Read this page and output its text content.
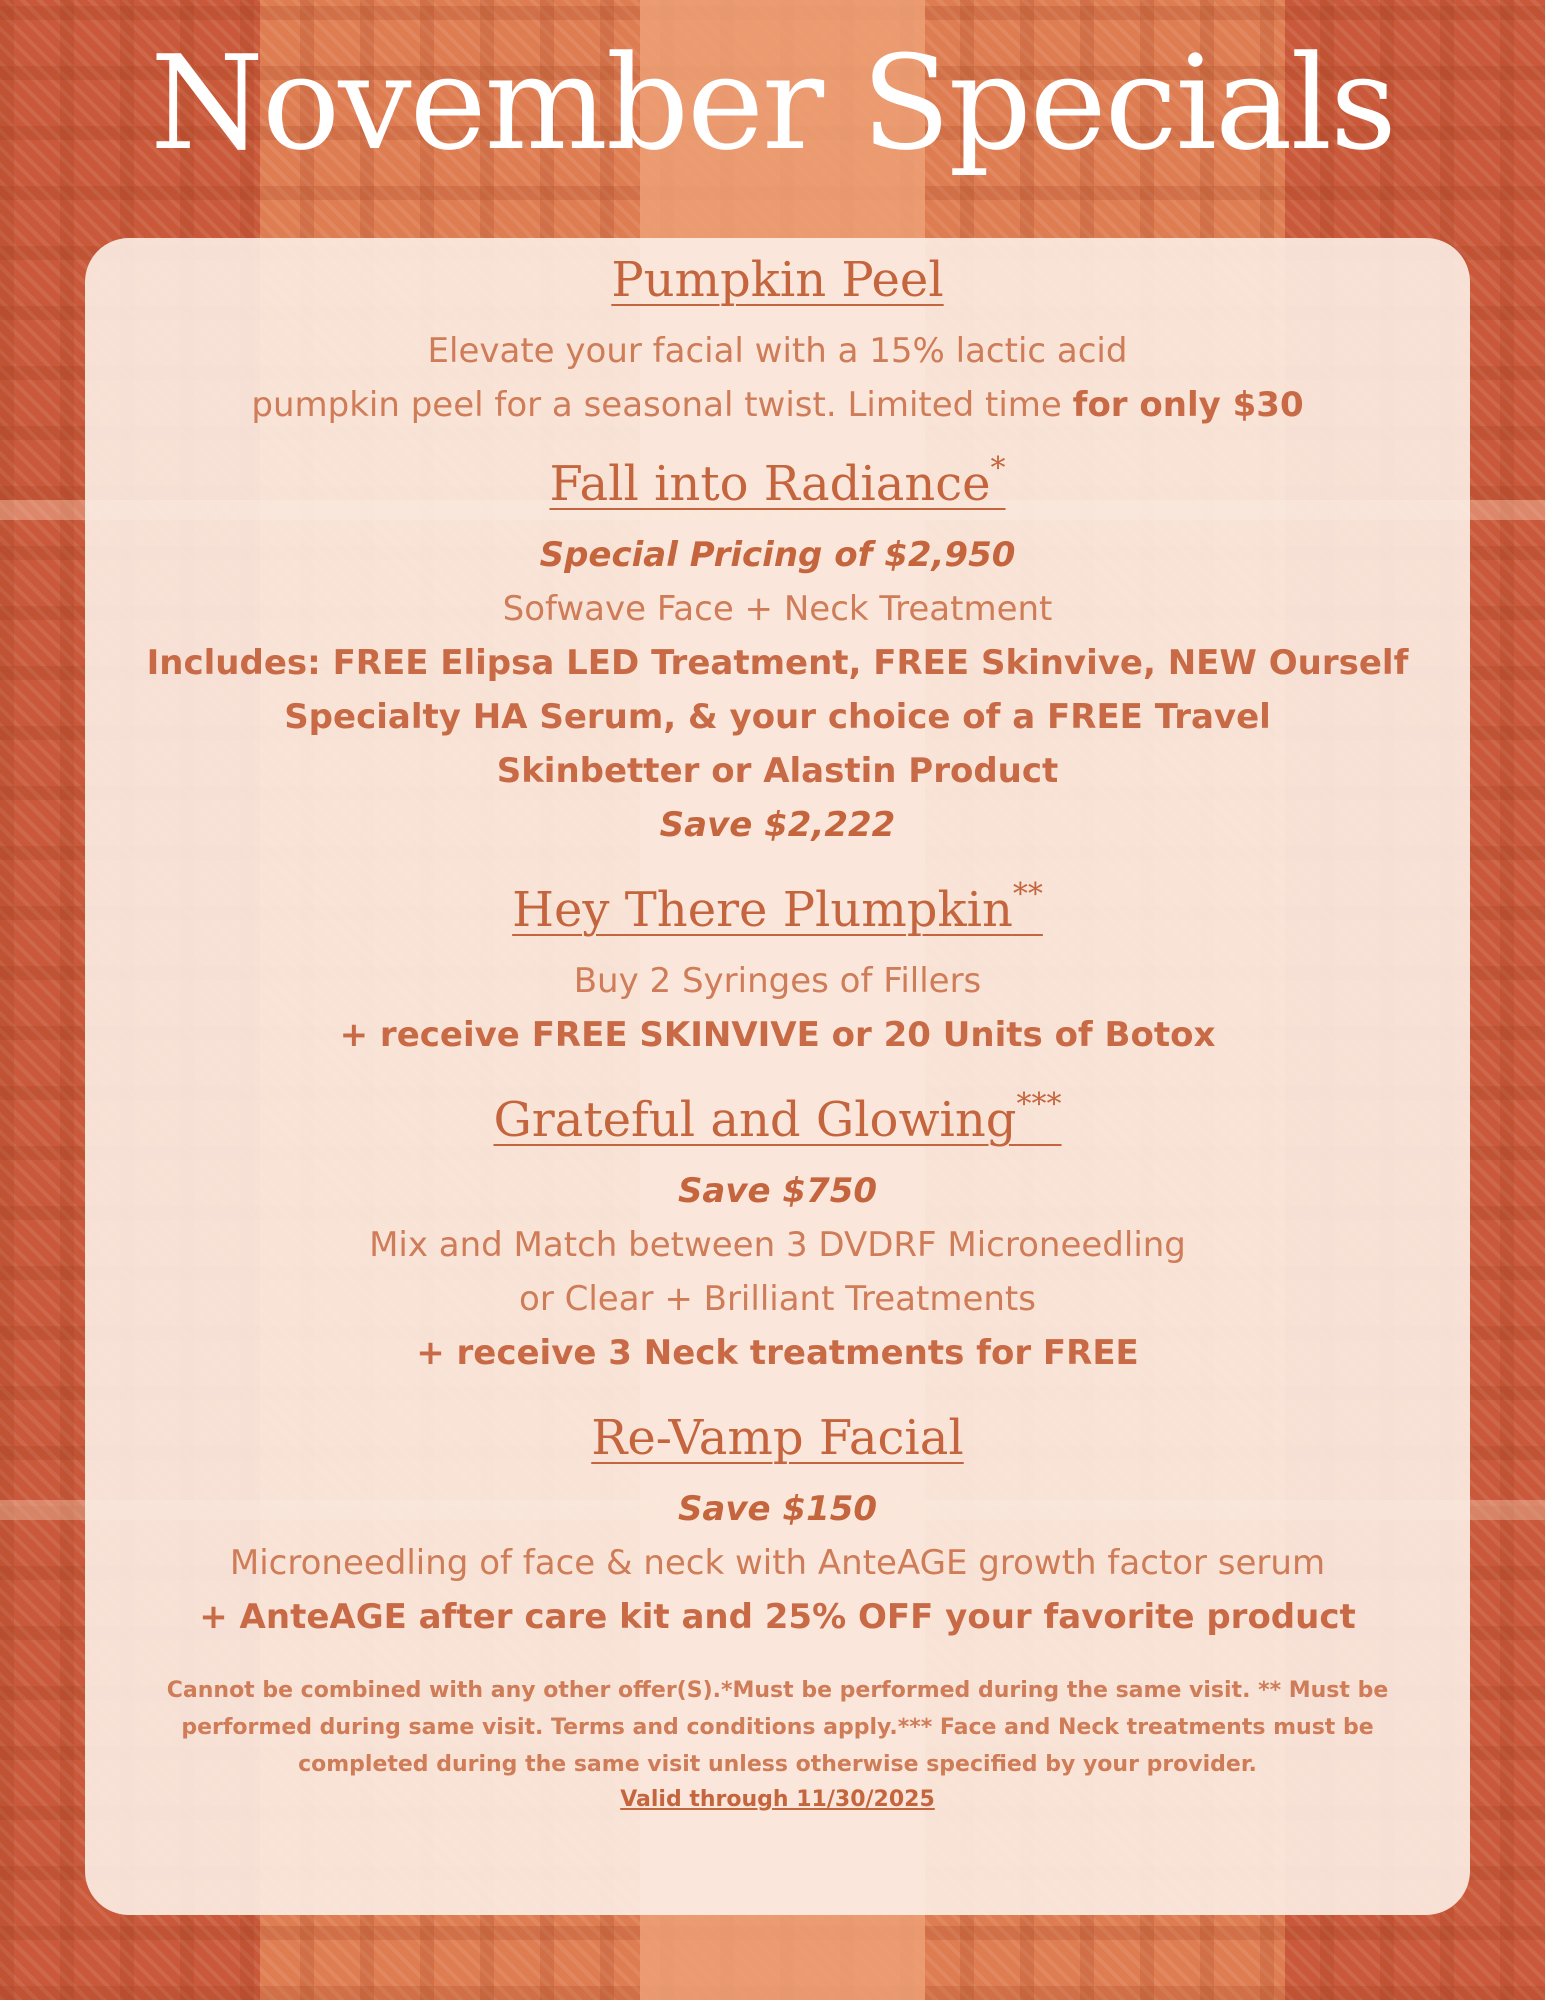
November Specials
Pumpkin Peel

Elevate your facial with a 15% lactic acid

pumpkin peel for a seasonal twist. Limited time for only $30

Fall into Radiance*

Special Pricing of $2,950

Sofwave Face + Neck Treatment

Includes: FREE Elipsa LED Treatment, FREE Skinvive, NEW Ourself

Specialty HA Serum, & your choice of a FREE Travel

Skinbetter or Alastin Product

Save $2,222

Hey There Plumpkin**

Buy 2 Syringes of Fillers

+ receive FREE SKINVIVE or 20 Units of Botox

Grateful and Glowing***

Save $750

Mix and Match between 3 DVDRF Microneedling

or Clear + Brilliant Treatments

+ receive 3 Neck treatments for FREE

Re-Vamp Facial

Save $150

Microneedling of face & neck with AnteAGE growth factor serum

+ AnteAGE after care kit and 25% OFF your favorite product

Cannot be combined with any other offer(S).*Must be performed during the same visit. ** Must be

performed during same visit. Terms and conditions apply.*** Face and Neck treatments must be

completed during the same visit unless otherwise specified by your provider.

Valid through 11/30/2025
